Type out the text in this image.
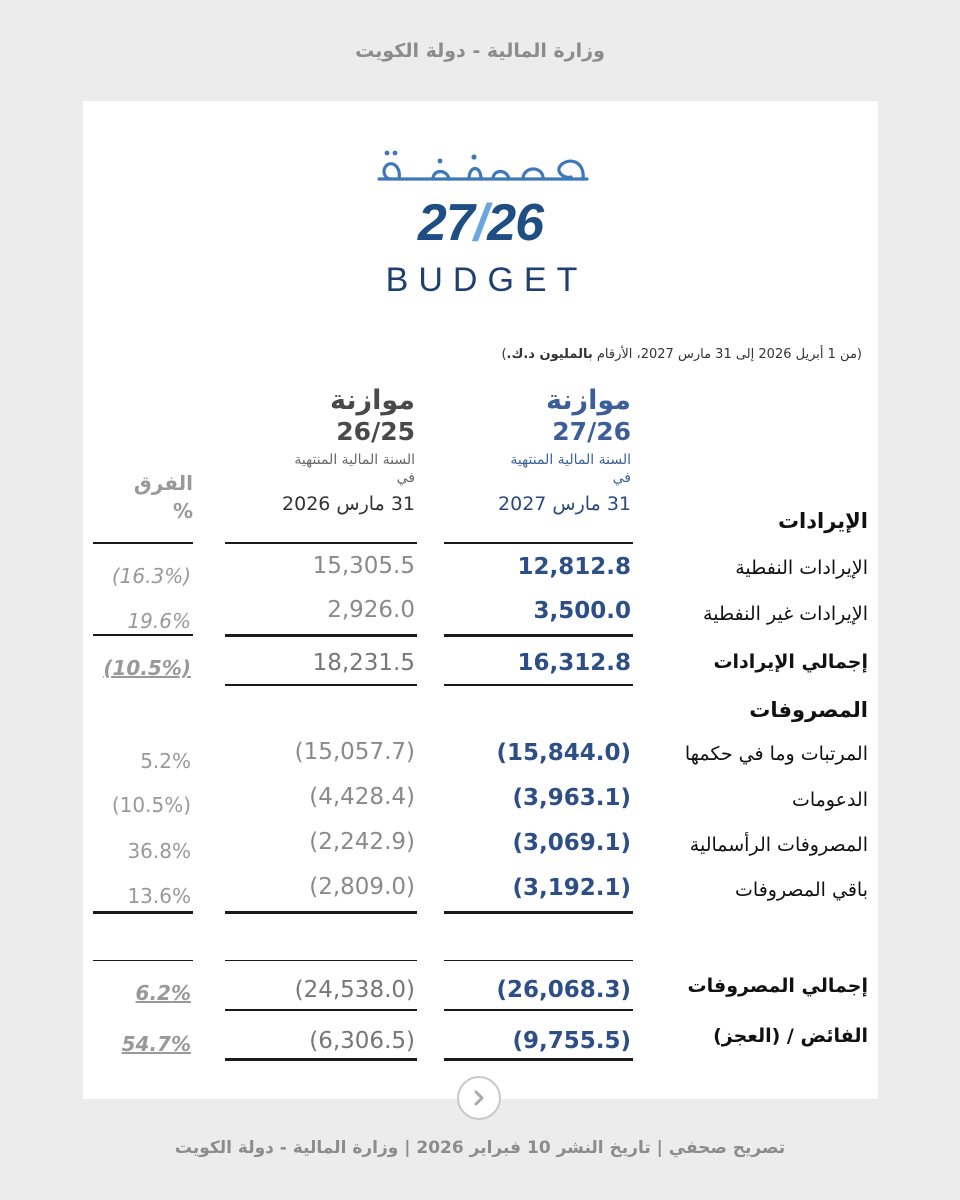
وزارة المالية - دولة الكويت
27/26
BUDGET
(من 1 أبريل 2026 إلى 31 مارس 2027، الأرقام بالمليون د.ك.)
موازنة
27/26
السنة المالية المنتهية
في
31 مارس 2027
موازنة
26/25
السنة المالية المنتهية
في
31 مارس 2026
الفرق
%	الإيرادات
الإيرادات النفطية
12,812.8
15,305.5
(16.3%)
الإيرادات غير النفطية
3,500.0
2,926.0
19.6%
إجمالي الإيرادات
16,312.8
18,231.5
(10.5%)
المصروفات
المرتبات وما في حكمها
(15,844.0)
(15,057.7)
5.2%
الدعومات
(3,963.1)
(4,428.4)
(10.5%)
المصروفات الرأسمالية
(3,069.1)
(2,242.9)
36.8%
باقي المصروفات
(3,192.1)
(2,809.0)
13.6%
إجمالي المصروفات
(26,068.3)
(24,538.0)
6.2%
الفائض / (العجز)
(9,755.5)
(6,306.5)
54.7%
تصريح صحفي | تاريخ النشر 10 فبراير 2026 | وزارة المالية - دولة الكويت
